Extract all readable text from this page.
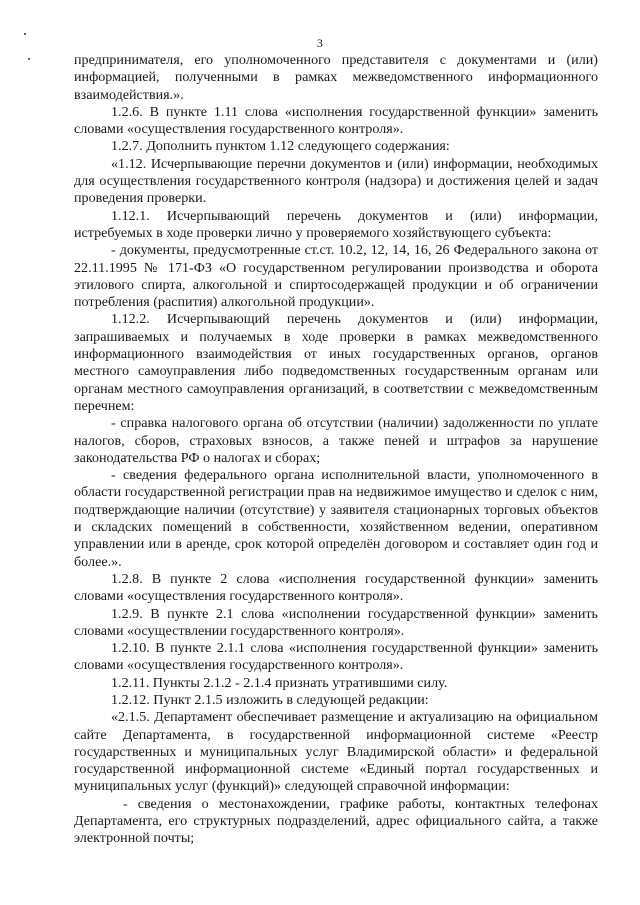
3

предпринимателя, его уполномоченного представителя с документами и (или) информацией, полученными в рамках межведомственного информационного взаимодействия.».

1.2.6. В пункте 1.11 слова «исполнения государственной функции» заменить словами «осуществления государственного контроля».

1.2.7. Дополнить пунктом 1.12 следующего содержания:

«1.12. Исчерпывающие перечни документов и (или) информации, необходимых для осуществления государственного контроля (надзора) и достижения целей и задач проведения проверки.

1.12.1. Исчерпывающий перечень документов и (или) информации, истребуемых в ходе проверки лично у проверяемого хозяйствующего субъекта:

- документы, предусмотренные ст.ст. 10.2, 12, 14, 16, 26 Федерального закона от 22.11.1995 № 171-ФЗ «О государственном регулировании производства и оборота этилового спирта, алкогольной и спиртосодержащей продукции и об ограничении потребления (распития) алкогольной продукции».

1.12.2. Исчерпывающий перечень документов и (или) информации, запрашиваемых и получаемых в ходе проверки в рамках межведомственного информационного взаимодействия от иных государственных органов, органов местного самоуправления либо подведомственных государственным органам или органам местного самоуправления организаций, в соответствии с межведомственным перечнем:

- справка налогового органа об отсутствии (наличии) задолженности по уплате налогов, сборов, страховых взносов, а также пеней и штрафов за нарушение законодательства РФ о налогах и сборах;

- сведения федерального органа исполнительной власти, уполномоченного в области государственной регистрации прав на недвижимое имущество и сделок с ним, подтверждающие наличии (отсутствие) у заявителя стационарных торговых объектов и складских помещений в собственности, хозяйственном ведении, оперативном управлении или в аренде, срок которой определён договором и составляет один год и более.».

1.2.8. В пункте 2 слова «исполнения государственной функции» заменить словами «осуществления государственного контроля».

1.2.9. В пункте 2.1 слова «исполнении государственной функции» заменить словами «осуществлении государственного контроля».

1.2.10. В пункте 2.1.1 слова «исполнения государственной функции» заменить словами «осуществления государственного контроля».

1.2.11. Пункты 2.1.2 - 2.1.4 признать утратившими силу.

1.2.12. Пункт 2.1.5 изложить в следующей редакции:

«2.1.5. Департамент обеспечивает размещение и актуализацию на официальном сайте Департамента, в государственной информационной системе «Реестр государственных и муниципальных услуг Владимирской области» и федеральной государственной информационной системе «Единый портал государственных и муниципальных услуг (функций)» следующей справочной информации:

- сведения о местонахождении, графике работы, контактных телефонах Департамента, его структурных подразделений, адрес официального сайта, а также электронной почты;
